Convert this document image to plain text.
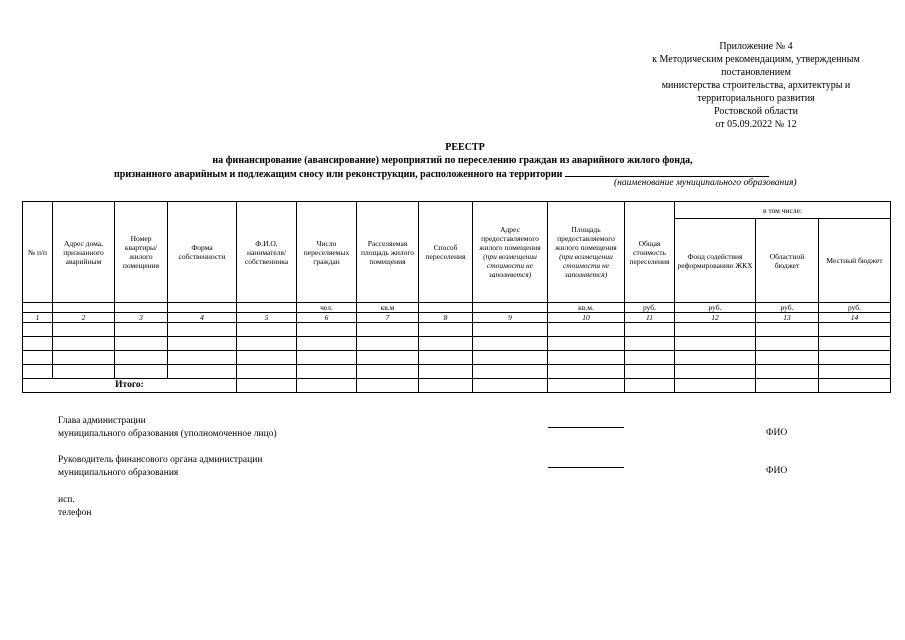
Приложение № 4
к Методическим рекомендациям, утвержденным
постановлением
министерства строительства, архитектуры и
территориального развития
Ростовской области
от 05.09.2022 № 12
РЕЕСТР
на финансирование (авансирование) мероприятий по переселению граждан из аварийного жилого фонда,
признанного аварийным и подлежащим сносу или реконструкции, расположенного на территории
(наименование муниципального образования)
№ п/п	Адрес дома, признанного аварийным	Номер квартиры/ жилого помещения	Форма собственности	Ф.И.О. нанимателя/ собственника	Число переселяемых граждан	Расселяемая площадь жилого помещения	Способ переселения	Адрес предоставляемого жилого помещения (при возмещении стоимости не заполняется)	Площадь предоставляемого жилого помещения (при возмещении стоимости не заполняется)	Общая стоимость переселения	в том числе:		
											Фонд содействия реформированию ЖКХ	Областной бюджет	Местный бюджет
					чел.	кв.м			кв.м.	руб.	руб.	руб.	руб.
1	2	3	4	5	6	7	8	9	10	11	12	13	14

Итого:													
Глава администрации
муниципального образования (уполномоченное лицо)	ФИО
Руководитель финансового органа администрации
муниципального образования	ФИО
исп.
телефон
